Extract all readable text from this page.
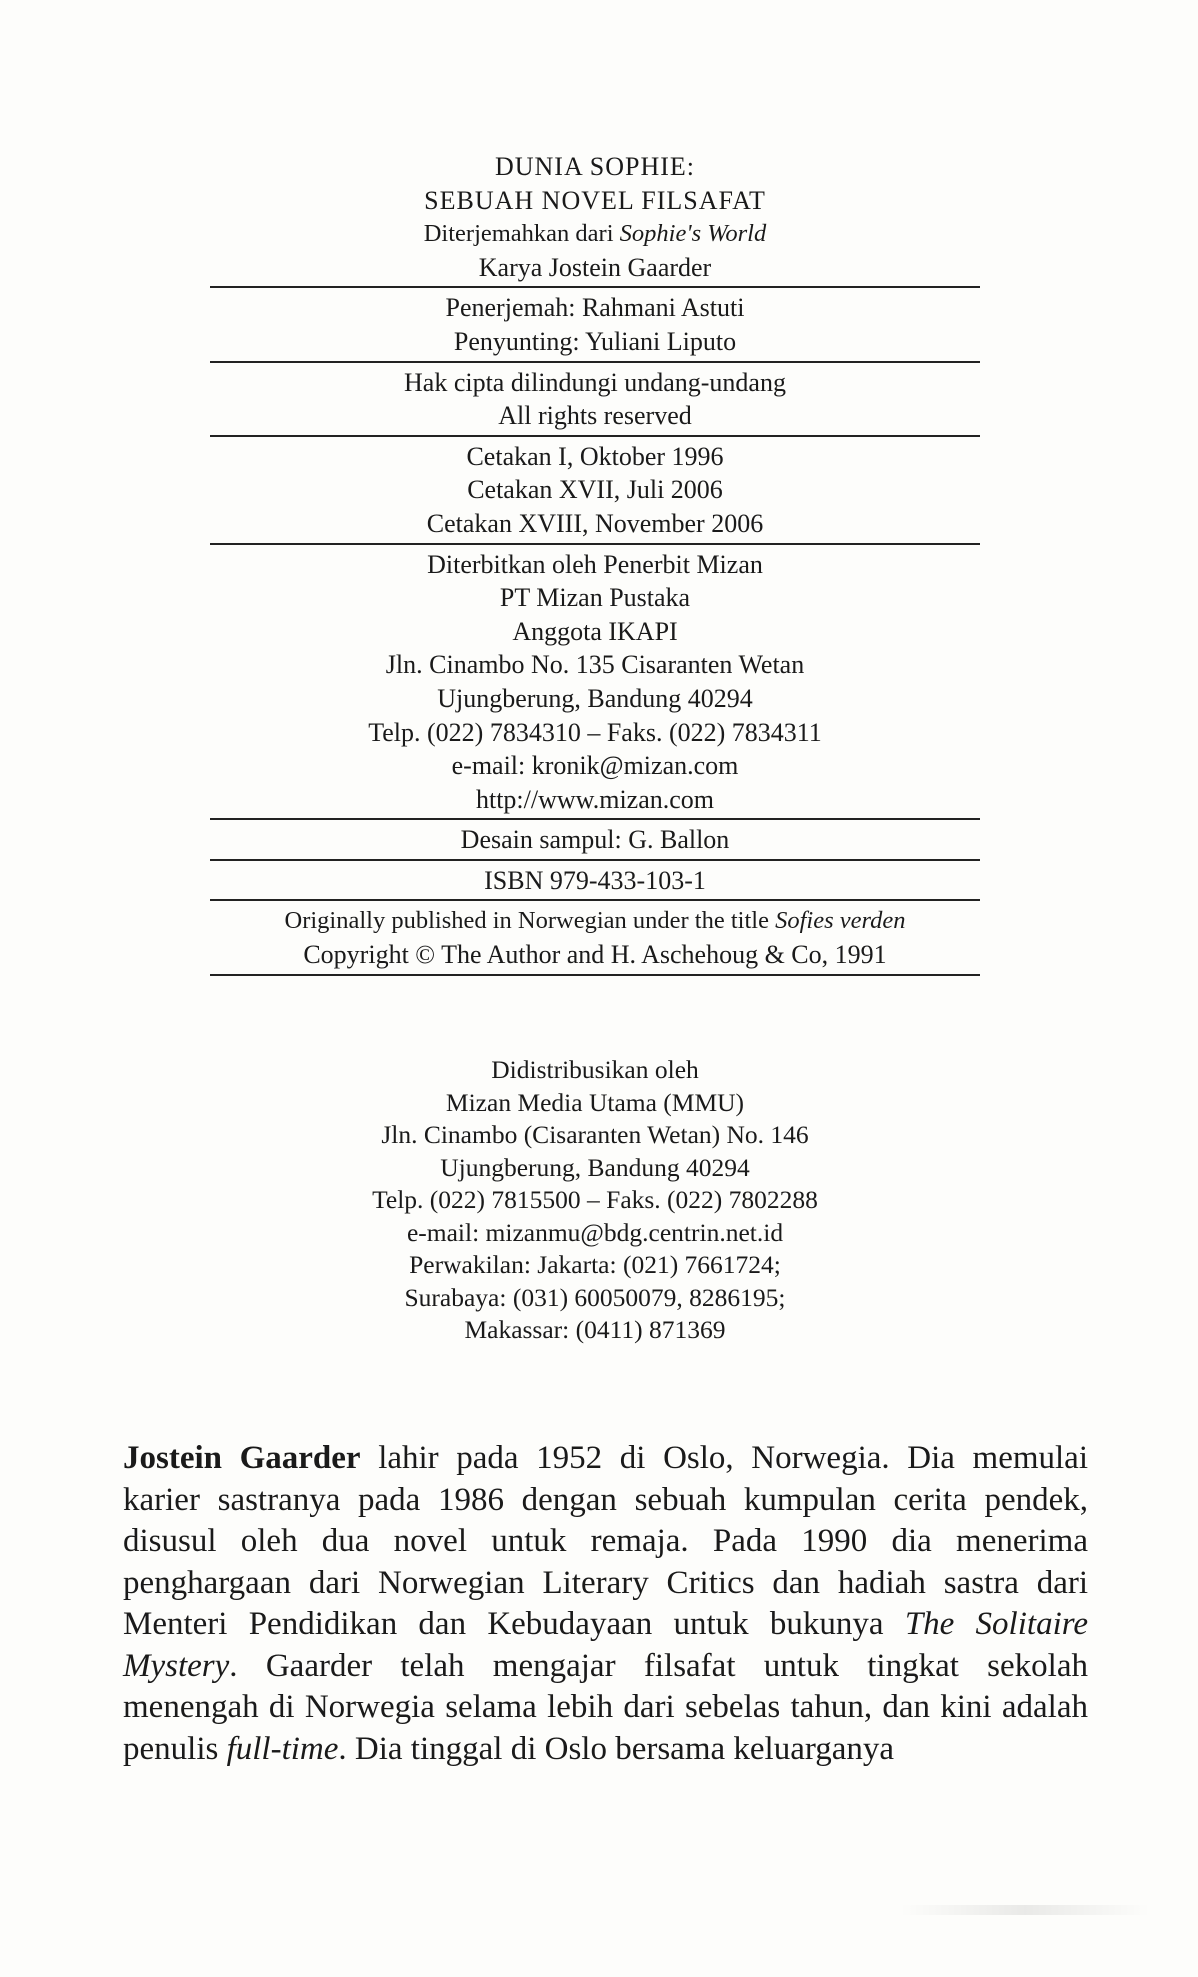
DUNIA SOPHIE:
SEBUAH NOVEL FILSAFAT
Diterjemahkan dari Sophie's World
Karya Jostein Gaarder
Penerjemah: Rahmani Astuti
Penyunting: Yuliani Liputo
Hak cipta dilindungi undang-undang
All rights reserved
Cetakan I, Oktober 1996
Cetakan XVII, Juli 2006
Cetakan XVIII, November 2006
Diterbitkan oleh Penerbit Mizan
PT Mizan Pustaka
Anggota IKAPI
Jln. Cinambo No. 135 Cisaranten Wetan
Ujungberung, Bandung 40294
Telp. (022) 7834310 – Faks. (022) 7834311
e-mail: kronik@mizan.com
http://www.mizan.com
Desain sampul: G. Ballon
ISBN 979-433-103-1
Originally published in Norwegian under the title Sofies verden
Copyright © The Author and H. Aschehoug & Co, 1991
Didistribusikan oleh
Mizan Media Utama (MMU)
Jln. Cinambo (Cisaranten Wetan) No. 146
Ujungberung, Bandung 40294
Telp. (022) 7815500 – Faks. (022) 7802288
e-mail: mizanmu@bdg.centrin.net.id
Perwakilan: Jakarta: (021) 7661724;
Surabaya: (031) 60050079, 8286195;
Makassar: (0411) 871369
Jostein Gaarder lahir pada 1952 di Oslo, Norwegia. Dia memulai karier sastranya pada 1986 dengan sebuah kumpulan cerita pendek, disusul oleh dua novel untuk remaja. Pada 1990 dia menerima penghargaan dari Norwegian Literary Critics dan hadiah sastra dari Menteri Pendidikan dan Kebudayaan untuk bukunya The Solitaire Mystery. Gaarder telah mengajar filsafat untuk tingkat sekolah menengah di Norwegia selama lebih dari sebelas tahun, dan kini adalah penulis full-time. Dia tinggal di Oslo bersama keluarganya
